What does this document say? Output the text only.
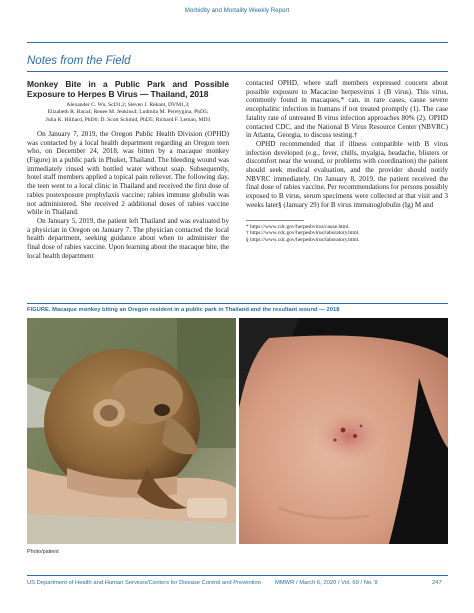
Morbidity and Mortality Weekly Report
Notes from the Field
Monkey Bite in a Public Park and Possible Exposure to Herpes B Virus — Thailand, 2018
Alexander C. Wu, ScD1,2; Steven J. Rekant, DVM1,3;
Elizabeth R. Baca4; Renee M. Jenkins4; Ludmila M. Perelygina, PhD5;
Julia K. Hilliard, PhD6; D. Scott Schmid, PhD5; Richard F. Leman, MD3

On January 7, 2019, the Oregon Public Health Division (OPHD) was contacted by a local health department regarding an Oregon teen who, on December 24, 2018, was bitten by a macaque monkey (Figure) in a public park in Phuket, Thailand. The bleeding wound was immediately rinsed with bottled water without soap. Subsequently, hotel staff members applied a topical pain reliever. The following day, the teen went to a local clinic in Thailand and received the first dose of rabies postexposure prophylaxis vaccine; rabies immune globulin was not administered. She received 2 additional doses of rabies vaccine while in Thailand.

On January 5, 2019, the patient left Thailand and was evaluated by a physician in Oregon on January 7. The physician contacted the local health department, seeking guidance about when to administer the final dose of rabies vaccine. Upon learning about the macaque bite, the local health department

contacted OPHD, where staff members expressed concern about possible exposure to Macacine herpesvirus 1 (B virus). This virus, commonly found in macaques,* can, in rare cases, cause severe encephalitic infection in humans if not treated promptly (1). The case fatality rate of untreated B virus infection approaches 80% (2). OPHD contacted CDC, and the National B Virus Resource Center (NBVRC) in Atlanta, Georgia, to discuss testing.†

OPHD recommended that if illness compatible with B virus infection developed (e.g., fever, chills, myalgia, headache, blisters or discomfort near the wound, or problems with coordination) the patient should seek medical evaluation, and the provider should notify NBVRC immediately. On January 8, 2019, the patient received the final dose of rabies vaccine. Per recommendations for persons possibly exposed to B virus, serum specimens were collected at that visit and 3 weeks later§ (January 29) for B virus immunoglobulin (Ig) M and

* https://www.cdc.gov/herpesbvirus/cause.html.
† https://www.cdc.gov/herpesbvirus/laboratory.html.
§ https://www.cdc.gov/herpesbvirus/laboratory.html.
FIGURE. Macaque monkey biting an Oregon resident in a public park in Thailand and the resultant wound — 2018
Photo/patient
US Department of Health and Human Services/Centers for Disease Control and Prevention MMWR / March 6, 2020 / Vol. 69 / No. 9	247
